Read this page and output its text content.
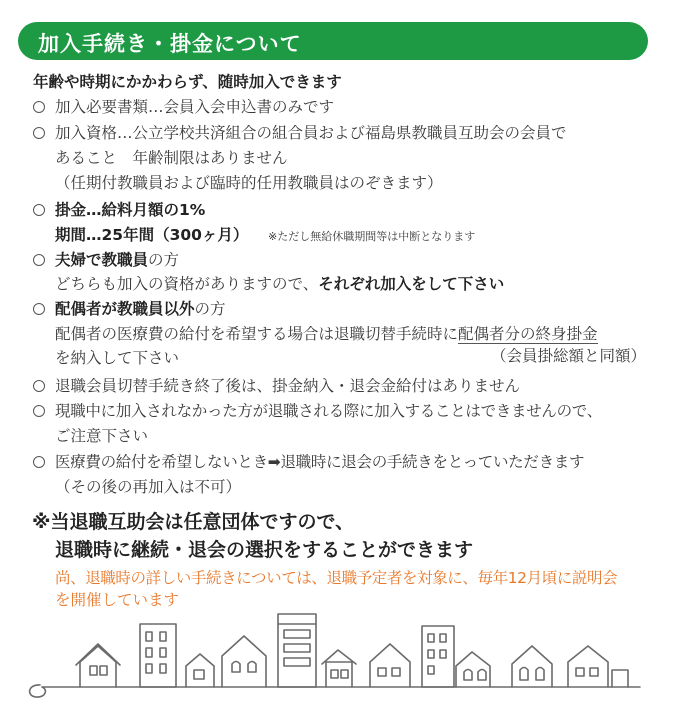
加入手続き・掛金について
年齢や時期にかかわらず、随時加入できます
加入必要書類…会員入会申込書のみです
加入資格…公立学校共済組合の組合員および福島県教職員互助会の会員で
あること　年齢制限はありません
（任期付教職員および臨時的任用教職員はのぞきます）
掛金…給料月額の1%
期間…25年間（300ヶ月） ※ただし無給休職期間等は中断となります
夫婦で教職員の方
どちらも加入の資格がありますので、それぞれ加入をして下さい
配偶者が教職員以外の方
配偶者の医療費の給付を希望する場合は退職切替手続時に配偶者分の終身掛金
を納入して下さい	（会員掛総額と同額）
退職会員切替手続き終了後は、掛金納入・退会金給付はありません
現職中に加入されなかった方が退職される際に加入することはできませんので、
ご注意下さい
医療費の給付を希望しないとき➡退職時に退会の手続きをとっていただきます
（その後の再加入は不可）
※当退職互助会は任意団体ですので、
退職時に継続・退会の選択をすることができます
尚、退職時の詳しい手続きについては、退職予定者を対象に、毎年12月頃に説明会
を開催しています
